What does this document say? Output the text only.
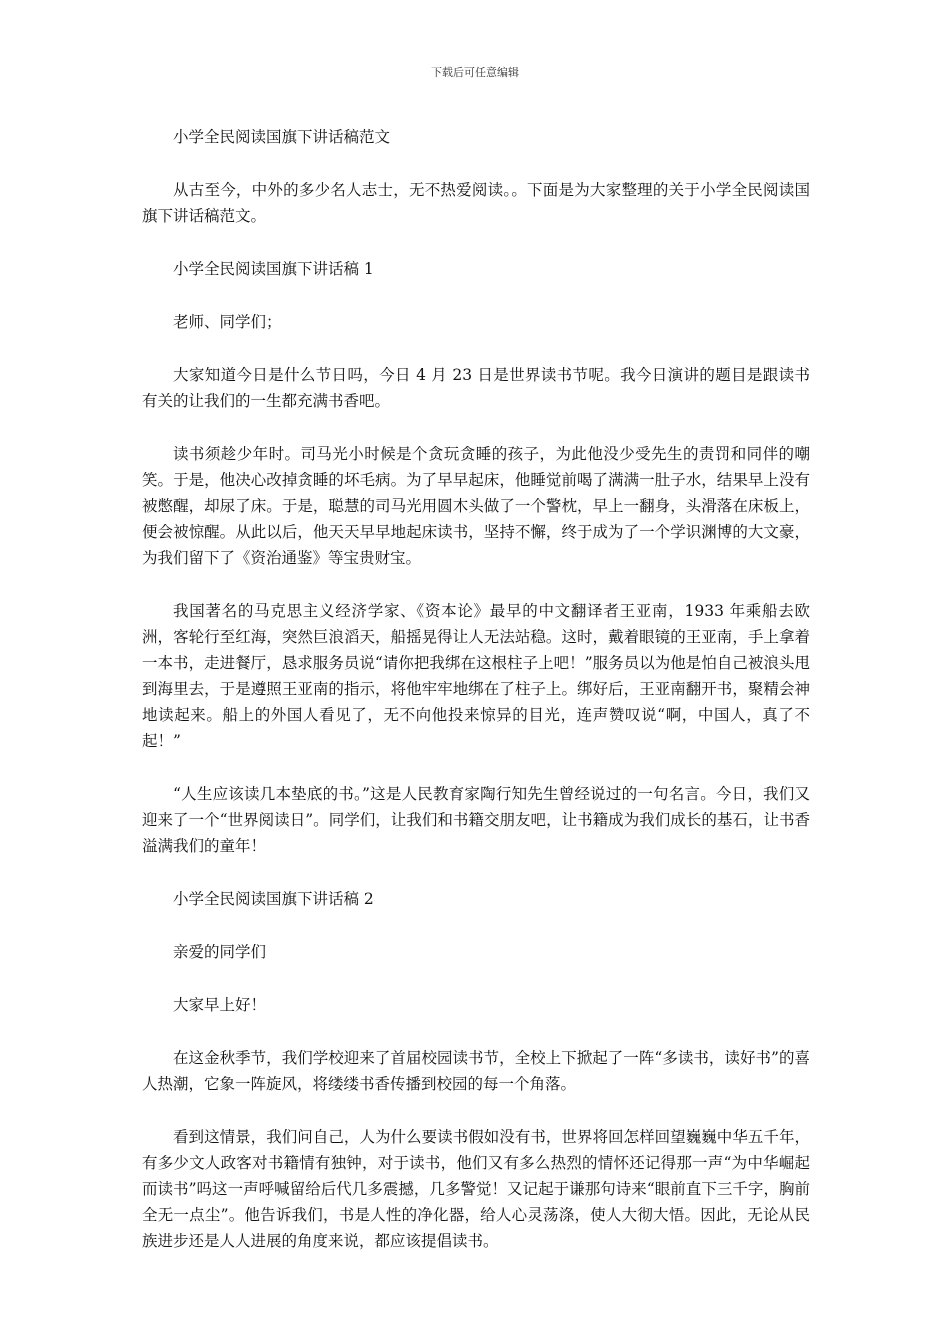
下载后可任意编辑

小学全民阅读国旗下讲话稿范文

从古至今，中外的多少名人志士，无不热爱阅读。。下面是为大家整理的关于小学全民阅读国旗下讲话稿范文。

小学全民阅读国旗下讲话稿 1

老师、同学们；

大家知道今日是什么节日吗，今日 4 月 23 日是世界读书节呢。我今日演讲的题目是跟读书有关的让我们的一生都充满书香吧。

读书须趁少年时。司马光小时候是个贪玩贪睡的孩子，为此他没少受先生的责罚和同伴的嘲笑。于是，他决心改掉贪睡的坏毛病。为了早早起床，他睡觉前喝了满满一肚子水，结果早上没有被憋醒，却尿了床。于是，聪慧的司马光用圆木头做了一个警枕，早上一翻身，头滑落在床板上，便会被惊醒。从此以后，他天天早早地起床读书，坚持不懈，终于成为了一个学识渊博的大文豪，为我们留下了《资治通鉴》等宝贵财宝。

我国著名的马克思主义经济学家、《资本论》最早的中文翻译者王亚南，1933 年乘船去欧洲，客轮行至红海，突然巨浪滔天，船摇晃得让人无法站稳。这时，戴着眼镜的王亚南，手上拿着一本书，走进餐厅，恳求服务员说“请你把我绑在这根柱子上吧！”服务员以为他是怕自己被浪头甩到海里去，于是遵照王亚南的指示，将他牢牢地绑在了柱子上。绑好后，王亚南翻开书，聚精会神地读起来。船上的外国人看见了，无不向他投来惊异的目光，连声赞叹说“啊，中国人，真了不起！”

“人生应该读几本垫底的书。”这是人民教育家陶行知先生曾经说过的一句名言。今日，我们又迎来了一个“世界阅读日”。同学们，让我们和书籍交朋友吧，让书籍成为我们成长的基石，让书香溢满我们的童年！

小学全民阅读国旗下讲话稿 2

亲爱的同学们

大家早上好！

在这金秋季节，我们学校迎来了首届校园读书节，全校上下掀起了一阵“多读书，读好书”的喜人热潮，它象一阵旋风，将缕缕书香传播到校园的每一个角落。

看到这情景，我们问自己，人为什么要读书假如没有书，世界将回怎样回望巍巍中华五千年，有多少文人政客对书籍情有独钟，对于读书，他们又有多么热烈的情怀还记得那一声“为中华崛起而读书”吗这一声呼喊留给后代几多震撼，几多警觉！又记起于谦那句诗来“眼前直下三千字，胸前全无一点尘”。他告诉我们，书是人性的净化器，给人心灵荡涤，使人大彻大悟。因此，无论从民族进步还是人人进展的角度来说，都应该提倡读书。
